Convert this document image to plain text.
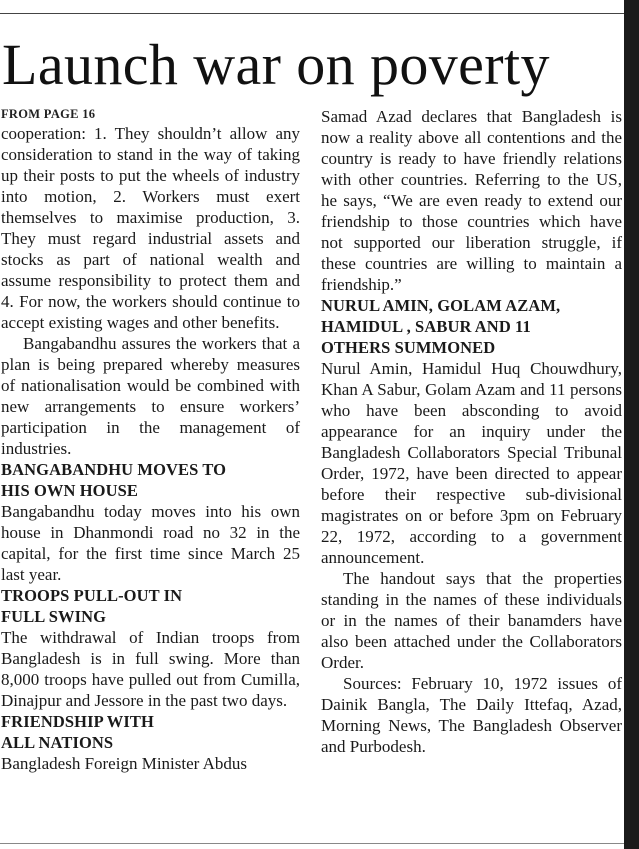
Launch war on poverty

FROM PAGE 16

cooperation: 1. They shouldn’t allow any consideration to stand in the way of taking up their posts to put the wheels of industry into motion, 2. Workers must exert themselves to maximise production, 3. They must regard industrial assets and stocks as part of national wealth and assume responsibility to protect them and 4. For now, the workers should continue to accept existing wages and other benefits.

Bangabandhu assures the workers that a plan is being prepared whereby measures of nationalisation would be combined with new arrangements to ensure workers’ participation in the management of industries.

BANGABANDHU MOVES TO
HIS OWN HOUSE

Bangabandhu today moves into his own house in Dhanmondi road no 32 in the capital, for the first time since March 25 last year.

TROOPS PULL-OUT IN
FULL SWING

The withdrawal of Indian troops from Bangladesh is in full swing. More than 8,000 troops have pulled out from Cumilla, Dinajpur and Jessore in the past two days.

FRIENDSHIP WITH
ALL NATIONS

Bangladesh Foreign Minister Abdus

Samad Azad declares that Bangladesh is now a reality above all contentions and the country is ready to have friendly relations with other countries. Referring to the US, he says, “We are even ready to extend our friendship to those countries which have not supported our liberation struggle, if these countries are willing to maintain a friendship.”

NURUL AMIN, GOLAM AZAM,
HAMIDUL , SABUR AND 11
OTHERS SUMMONED

Nurul Amin, Hamidul Huq Chouwdhury, Khan A Sabur, Golam Azam and 11 persons who have been absconding to avoid appearance for an inquiry under the Bangladesh Collaborators Special Tribunal Order, 1972, have been directed to appear before their respective sub-divisional magistrates on or before 3pm on February 22, 1972, according to a government announcement.

The handout says that the properties standing in the names of these individuals or in the names of their banamders have also been attached under the Collaborators Order.

Sources: February 10, 1972 issues of Dainik Bangla, The Daily Ittefaq, Azad, Morning News, The Bangladesh Observer and Purbodesh.
